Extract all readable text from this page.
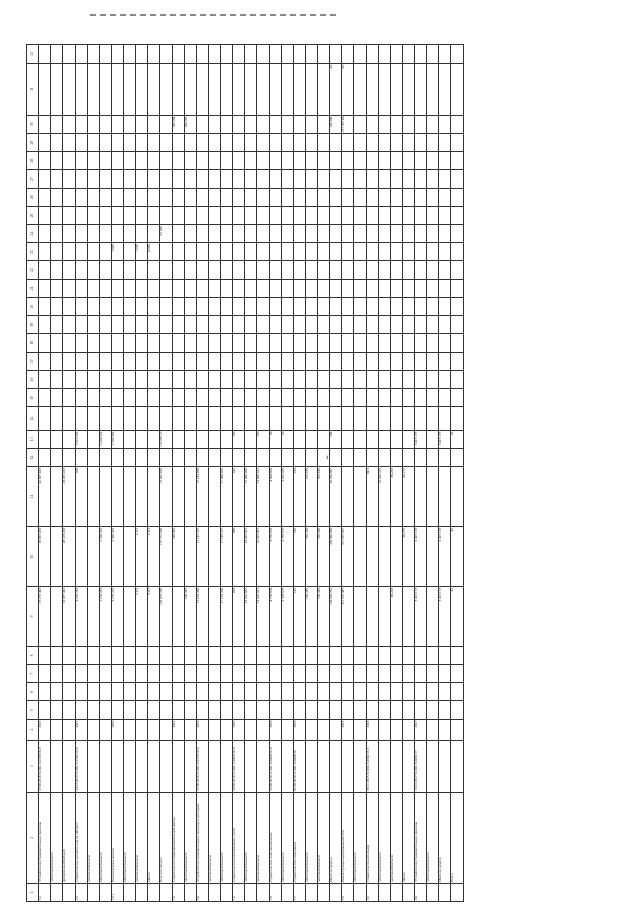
4
1	2	3	4	5	6	7	8	9	10	11	12	13	14	15	16	17	18	19	20	21	22	23	24	25	26	27	28	29	30	31	32
12.	Устройство внутриквартальных проездов	27.06.2016 № 001-3-0159/16-8	2015					27 257 462	28 057 433	42 057 433																					
	областной бюджет																														
	федеральный бюджет							13 057 462	28 125 433	23 235 433																					
13.	Строительство детского сада на 140 мест	24.12.2015 № 001-3-1165/15-8	2017					3 276 233		200		3 516 233																			
	местный бюджет																														
	областной бюджет							2 276 233	2 296 333			2 296 333																			
13.1	Реконструкция объекта		2010					3 276 233	2 296 333			2 296 333										2 086									
	областной бюджет																														
	местный бюджет							3 111	3 111													7 045									
	Итого							3 111	3 111													6 086									
	Всего по объекту							163 078 266	161 772 450	13 032 433		114 076 213											92 830								
13.	Строительство общеобразовательной школы		2015						140 962																				166 284		
	областной бюджет							156 269																					106 284		
14.	Устройство внутриквартальных проездов и тротуаров	27.06.2016 № 001-3-0159/16-8	2016					17 145 290	17 145 227	17 145 290																					
	местный бюджет																														
	областной бюджет							17 145 290	17 145 227	17 068 300																					
15.	Строительство водопроводных сетей	20.09.2016 № 001-3-0452/16-8	2016					658	688	620		150																			
	областной бюджет							13 942 651	13 942 651	12 969 466																					
	местный бюджет							13 942 651	13 942 651	13 068 323		150																			
16.	Строительство сетей канализации	22.09.2016 № 001-3-0486/16-8	2016					4 758 670	4 758 670	4 094 960		50																			
	областной бюджет							4 758 670	4 758 670	4 044 020		50																			
17.	Строительство газопровода	01.09.2016 № 001-3-0439/16	2016					145	145	258																					
	областной бюджет							765 439	765 439	370 439																					
	местный бюджет							765 439	765 439	765 439																					
	Итого по разделу							193 070 252	356 880 860	36 280 807		209																	108 306	4,3	
18.	Реконструкция водопроводной сети		2012					211 237 437	211 237 437																				211 237 437	4,3	
	областной бюджет																														
19.	Строительство котельной	29.11.2015 № 001-3-0302/15-5	2016							84,5																					
	областной бюджет									19 456 023																					
	местный бюджет							86 293		86 293																					
	Итого								86 475	86 475																					
20.	Устройство внутриквартальных проездов	15.01.2017 № 001-3-0001/17	2017					3 415 173	3 415 173			3 415 173																			
	областной бюджет																														
	Итого по разделу							3 415 173	3 415 173			3 415 173																			
	Всего							45	45			45																			
